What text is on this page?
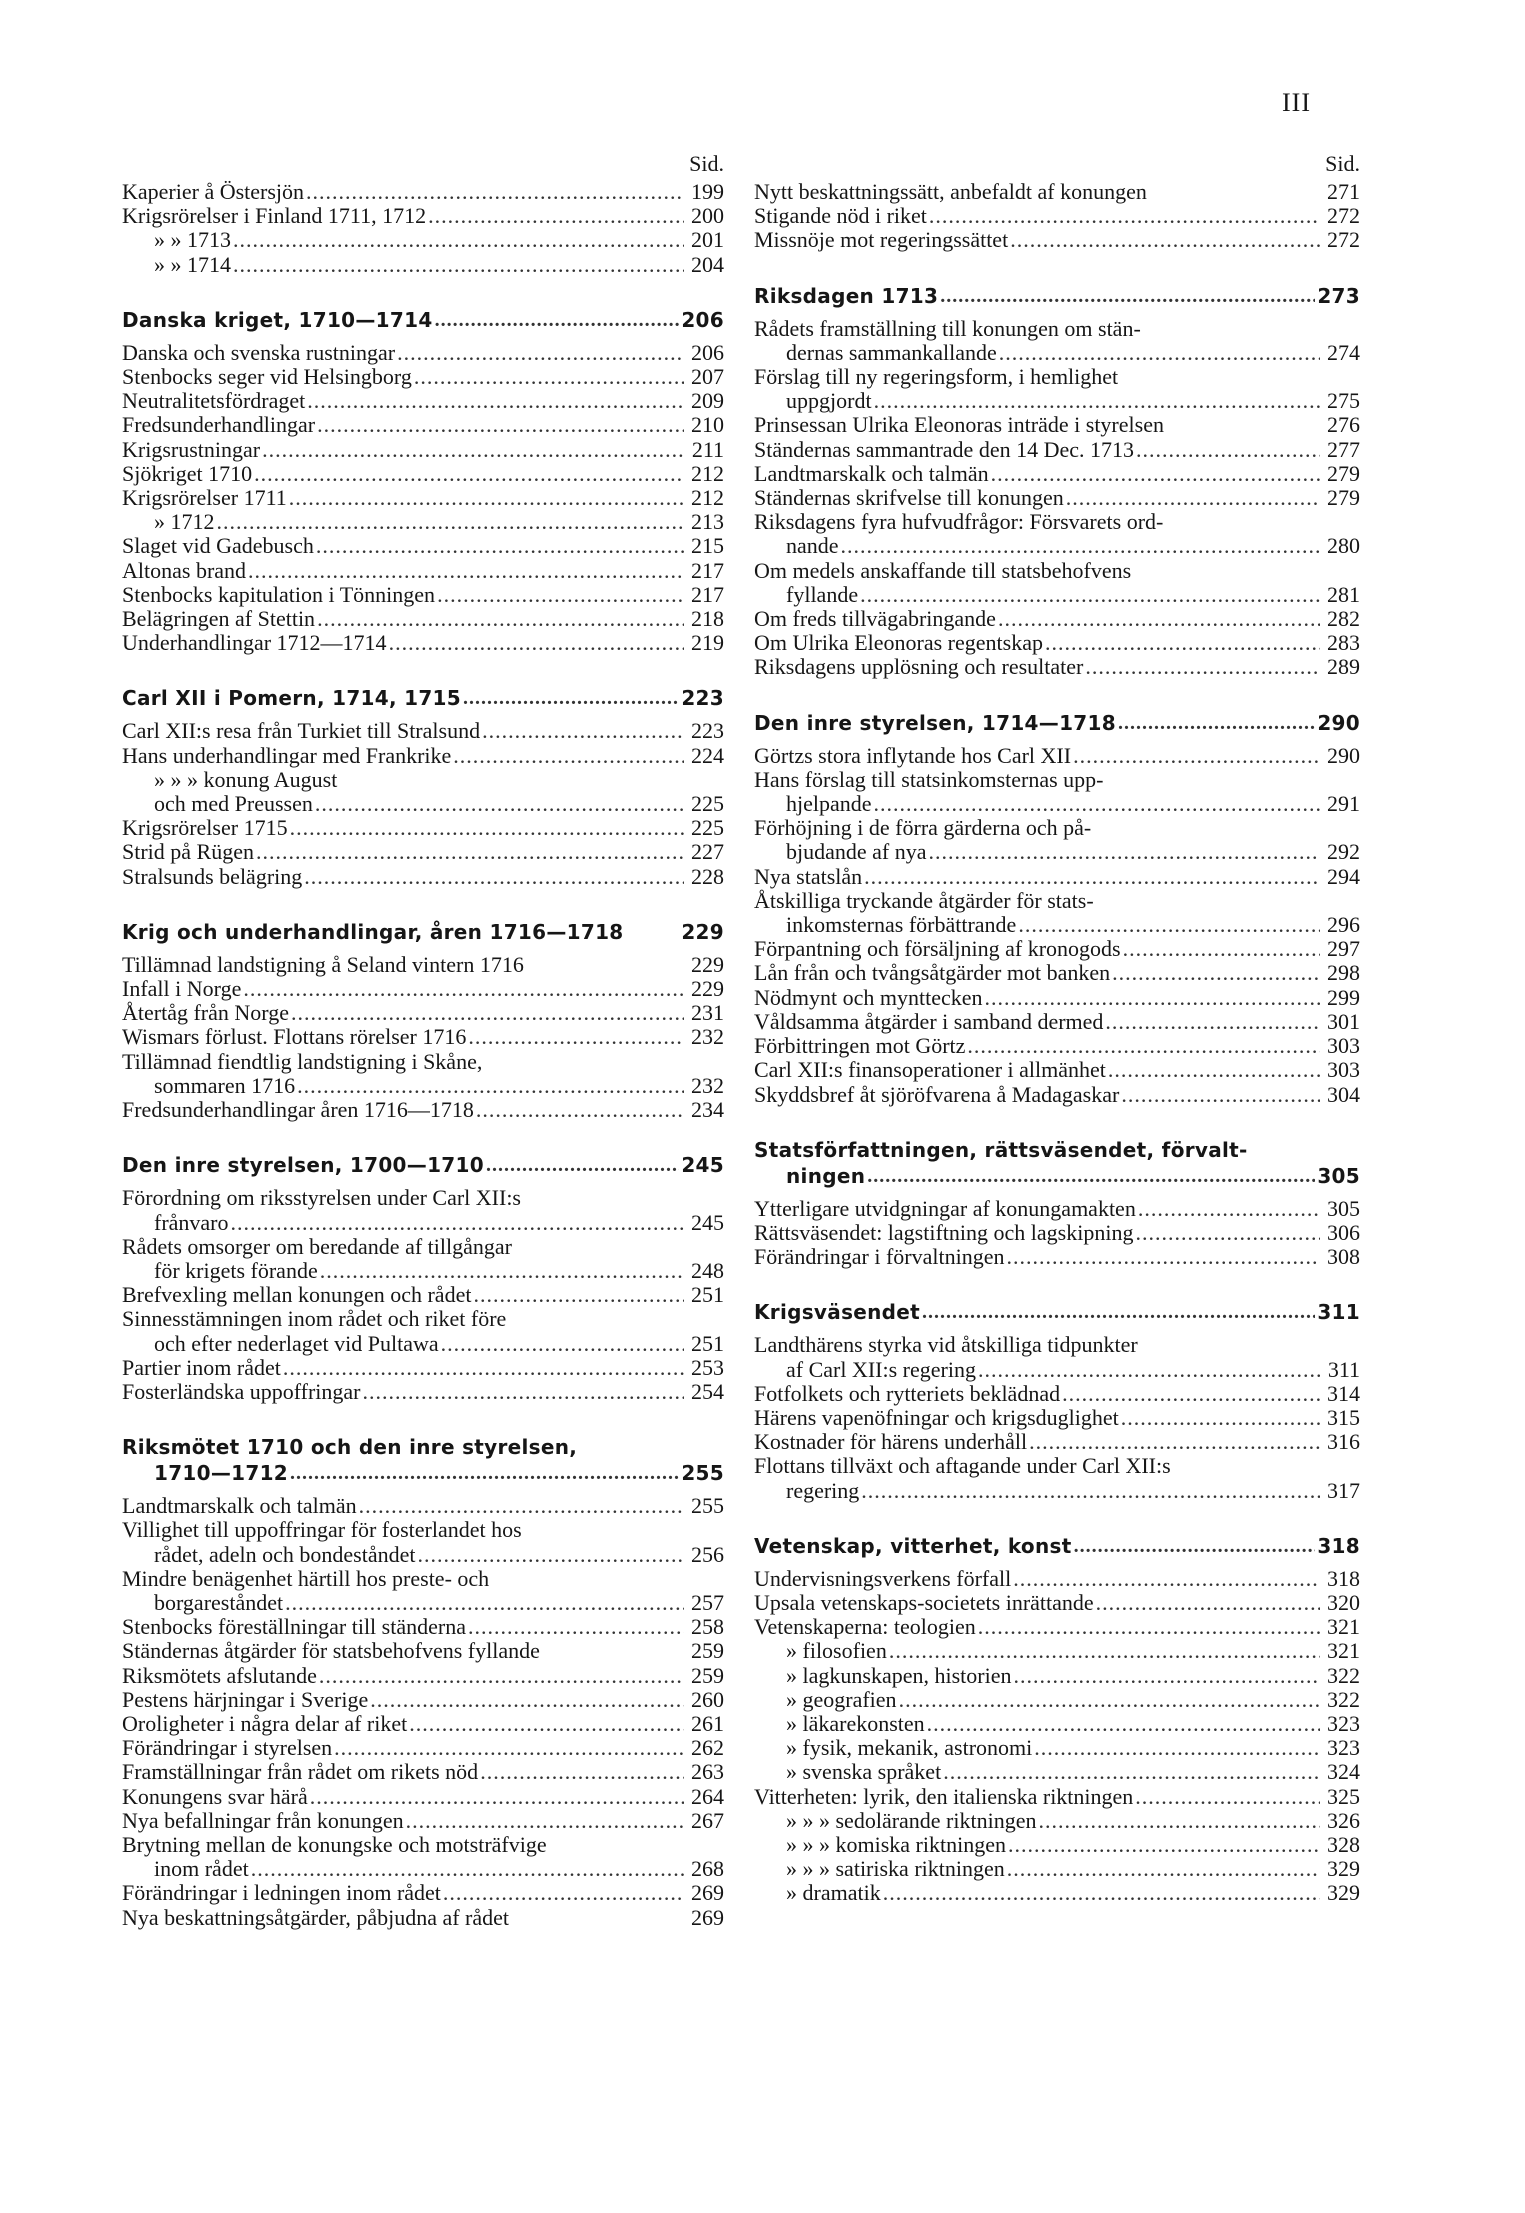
III
Sid.
Kaperier å Östersjön .....	199
Krigsrörelser i Finland 1711, 1712 .....	200
» » 1713 .....	201
» » 1714 .....	204
Danska kriget, 1710—1714 .....	206
Danska och svenska rustningar .....	206
Stenbocks seger vid Helsingborg .....	207
Neutralitetsfördraget .....	209
Fredsunderhandlingar .....	210
Krigsrustningar .....	211
Sjökriget 1710 .....	212
Krigsrörelser 1711 .....	212
» 1712 .....	213
Slaget vid Gadebusch .....	215
Altonas brand .....	217
Stenbocks kapitulation i Tönningen .....	217
Belägringen af Stettin .....	218
Underhandlingar 1712—1714 .....	219
Carl XII i Pomern, 1714, 1715 .....	223
Carl XII:s resa från Turkiet till Stralsund .....	223
Hans underhandlingar med Frankrike .....	224
» » » konung August
och med Preussen .....	225
Krigsrörelser 1715 .....	225
Strid på Rügen .....	227
Stralsunds belägring .....	228
Krig och underhandlingar, åren 1716—1718	229
Tillämnad landstigning å Seland vintern 1716	229
Infall i Norge .....	229
Återtåg från Norge .....	231
Wismars förlust. Flottans rörelser 1716 .....	232
Tillämnad fiendtlig landstigning i Skåne,
sommaren 1716 .....	232
Fredsunderhandlingar åren 1716—1718 .....	234
Den inre styrelsen, 1700—1710 .....	245
Förordning om riksstyrelsen under Carl XII:s
frånvaro .....	245
Rådets omsorger om beredande af tillgångar
för krigets förande .....	248
Brefvexling mellan konungen och rådet .....	251
Sinnesstämningen inom rådet och riket före
och efter nederlaget vid Pultawa .....	251
Partier inom rådet .....	253
Fosterländska uppoffringar .....	254
Riksmötet 1710 och den inre styrelsen,
1710—1712 .....	255
Landtmarskalk och talmän .....	255
Villighet till uppoffringar för fosterlandet hos
rådet, adeln och bondeståndet .....	256
Mindre benägenhet härtill hos preste- och
borgareståndet .....	257
Stenbocks föreställningar till ständerna .....	258
Ständernas åtgärder för statsbehofvens fyllande	259
Riksmötets afslutande .....	259
Pestens härjningar i Sverige .....	260
Oroligheter i några delar af riket .....	261
Förändringar i styrelsen .....	262
Framställningar från rådet om rikets nöd .....	263
Konungens svar härå .....	264
Nya befallningar från konungen .....	267
Brytning mellan de konungske och motsträfvige
inom rådet .....	268
Förändringar i ledningen inom rådet .....	269
Nya beskattningsåtgärder, påbjudna af rådet	269
Sid.
Nytt beskattningssätt, anbefaldt af konungen	271
Stigande nöd i riket .....	272
Missnöje mot regeringssättet .....	272
Riksdagen 1713 .....	273
Rådets framställning till konungen om stän-
dernas sammankallande .....	274
Förslag till ny regeringsform, i hemlighet
uppgjordt .....	275
Prinsessan Ulrika Eleonoras inträde i styrelsen	276
Ständernas sammantrade den 14 Dec. 1713 .....	277
Landtmarskalk och talmän .....	279
Ständernas skrifvelse till konungen .....	279
Riksdagens fyra hufvudfrågor: Försvarets ord-
nande .....	280
Om medels anskaffande till statsbehofvens
fyllande .....	281
Om freds tillvägabringande .....	282
Om Ulrika Eleonoras regentskap .....	283
Riksdagens upplösning och resultater .....	289
Den inre styrelsen, 1714—1718 .....	290
Görtzs stora inflytande hos Carl XII .....	290
Hans förslag till statsinkomsternas upp-
hjelpande .....	291
Förhöjning i de förra gärderna och på-
bjudande af nya .....	292
Nya statslån .....	294
Åtskilliga tryckande åtgärder för stats-
inkomsternas förbättrande .....	296
Förpantning och försäljning af kronogods .....	297
Lån från och tvångsåtgärder mot banken .....	298
Nödmynt och mynttecken .....	299
Våldsamma åtgärder i samband dermed .....	301
Förbittringen mot Görtz .....	303
Carl XII:s finansoperationer i allmänhet .....	303
Skyddsbref åt sjöröfvarena å Madagaskar .....	304
Statsförfattningen, rättsväsendet, förvalt-
ningen .....	305
Ytterligare utvidgningar af konungamakten .....	305
Rättsväsendet: lagstiftning och lagskipning .....	306
Förändringar i förvaltningen .....	308
Krigsväsendet .....	311
Landthärens styrka vid åtskilliga tidpunkter
af Carl XII:s regering .....	311
Fotfolkets och rytteriets beklädnad .....	314
Härens vapenöfningar och krigsduglighet .....	315
Kostnader för härens underhåll .....	316
Flottans tillväxt och aftagande under Carl XII:s
regering .....	317
Vetenskap, vitterhet, konst .....	318
Undervisningsverkens förfall .....	318
Upsala vetenskaps-societets inrättande .....	320
Vetenskaperna: teologien .....	321
» filosofien .....	321
» lagkunskapen, historien .....	322
» geografien .....	322
» läkarekonsten .....	323
» fysik, mekanik, astronomi .....	323
» svenska språket .....	324
Vitterheten: lyrik, den italienska riktningen .....	325
» » » sedolärande riktningen .....	326
» » » komiska riktningen .....	328
» » » satiriska riktningen .....	329
» dramatik .....	329
